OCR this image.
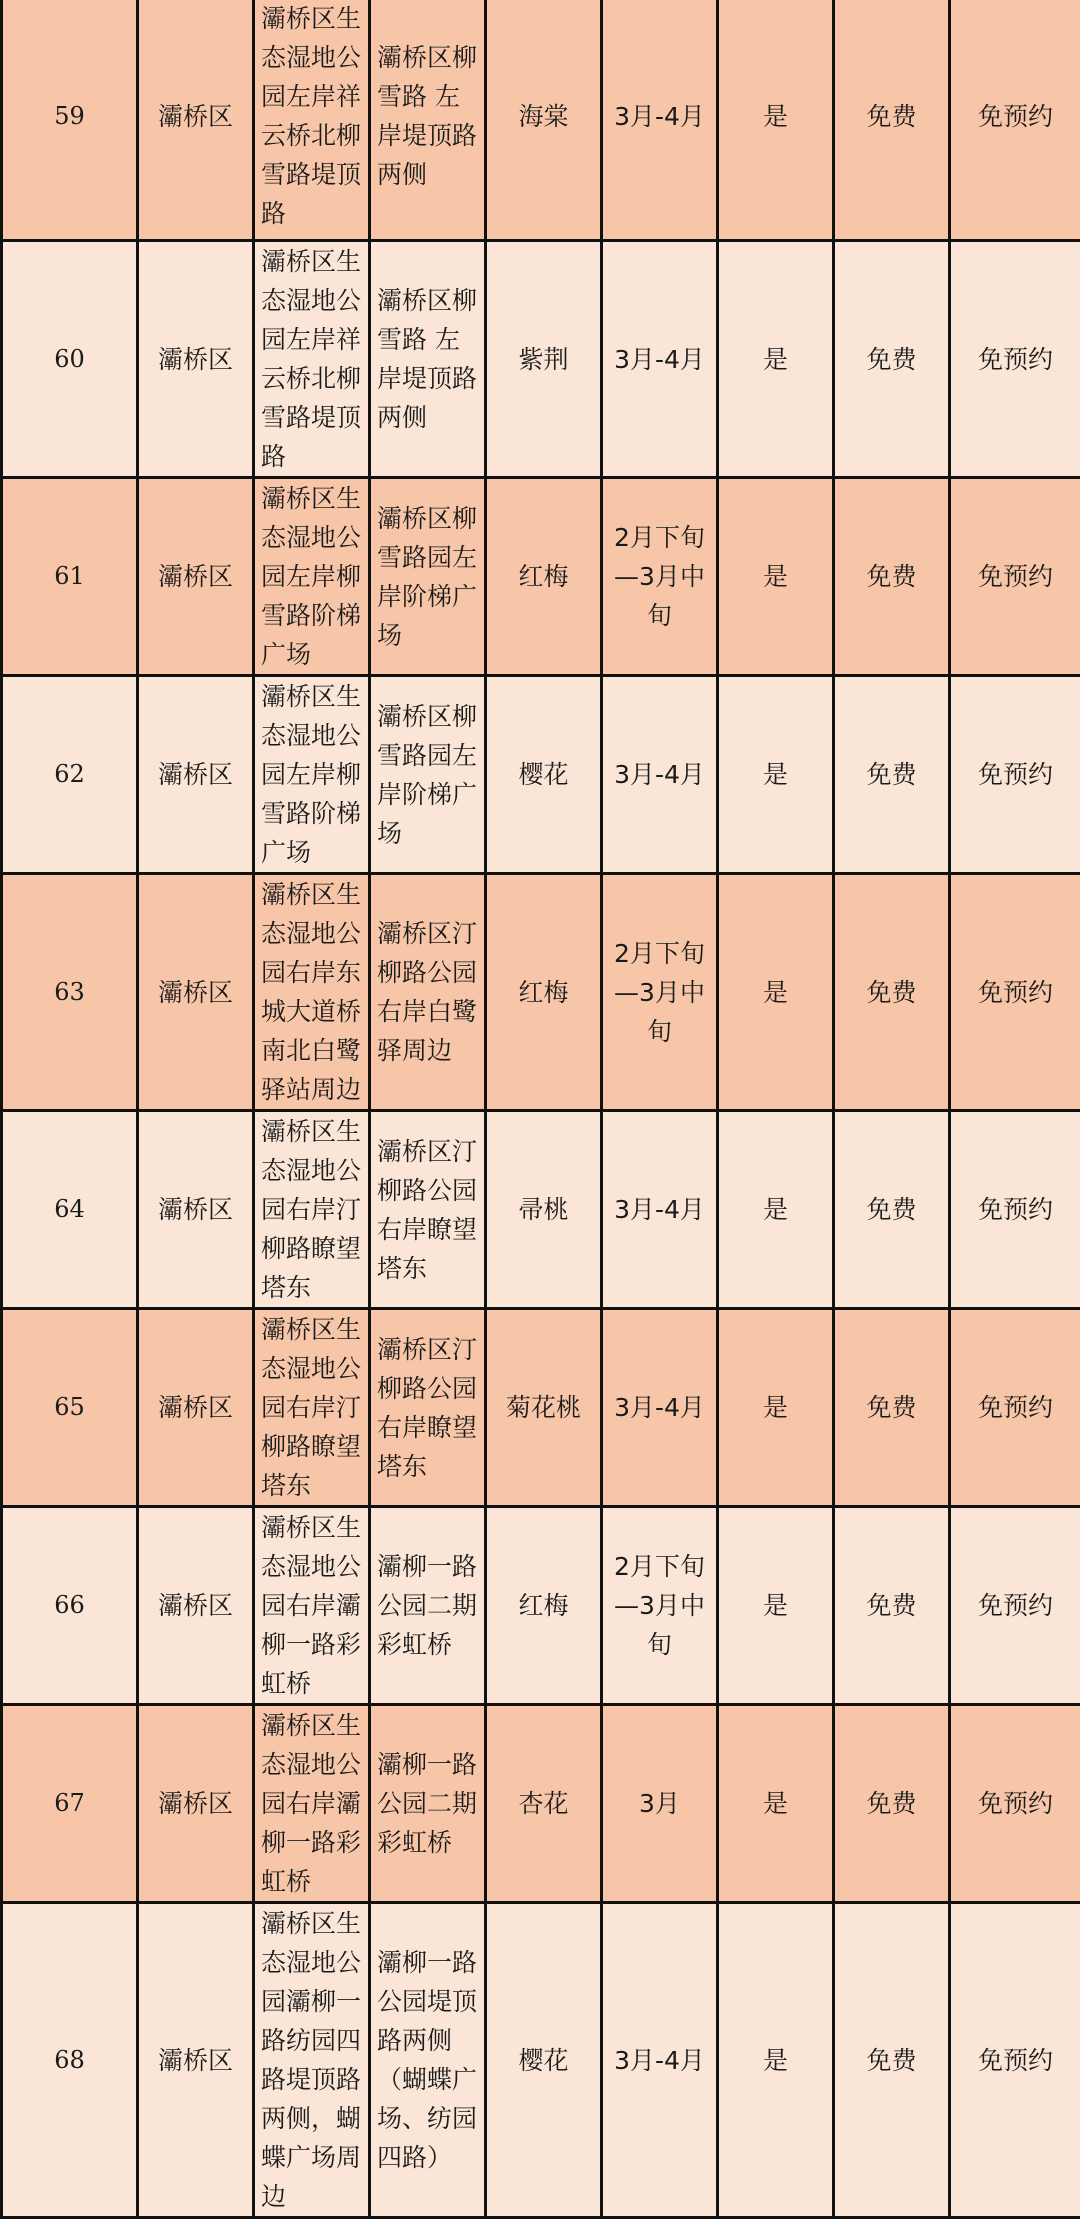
59	灞桥区	灞桥区生态湿地公园左岸祥云桥北柳雪路堤顶路	灞桥区柳雪路 左岸堤顶路两侧	海棠	3月-4月	是	免费	免预约
60	灞桥区	灞桥区生态湿地公园左岸祥云桥北柳雪路堤顶路	灞桥区柳雪路 左岸堤顶路两侧	紫荆	3月-4月	是	免费	免预约
61	灞桥区	灞桥区生态湿地公园左岸柳雪路阶梯广场	灞桥区柳雪路园左岸阶梯广场	红梅	2月下旬—3月中旬	是	免费	免预约
62	灞桥区	灞桥区生态湿地公园左岸柳雪路阶梯广场	灞桥区柳雪路园左岸阶梯广场	樱花	3月-4月	是	免费	免预约
63	灞桥区	灞桥区生态湿地公园右岸东城大道桥南北白鹭驿站周边	灞桥区汀柳路公园右岸白鹭驿周边	红梅	2月下旬—3月中旬	是	免费	免预约
64	灞桥区	灞桥区生态湿地公园右岸汀柳路瞭望塔东	灞桥区汀柳路公园右岸瞭望塔东	帚桃	3月-4月	是	免费	免预约
65	灞桥区	灞桥区生态湿地公园右岸汀柳路瞭望塔东	灞桥区汀柳路公园右岸瞭望塔东	菊花桃	3月-4月	是	免费	免预约
66	灞桥区	灞桥区生态湿地公园右岸灞柳一路彩虹桥	灞柳一路公园二期彩虹桥	红梅	2月下旬—3月中旬	是	免费	免预约
67	灞桥区	灞桥区生态湿地公园右岸灞柳一路彩虹桥	灞柳一路公园二期彩虹桥	杏花	3月	是	免费	免预约
68	灞桥区	灞桥区生态湿地公园灞柳一路纺园四路堤顶路两侧，蝴蝶广场周边	灞柳一路公园堤顶路两侧（蝴蝶广场、纺园四路）	樱花	3月-4月	是	免费	免预约
